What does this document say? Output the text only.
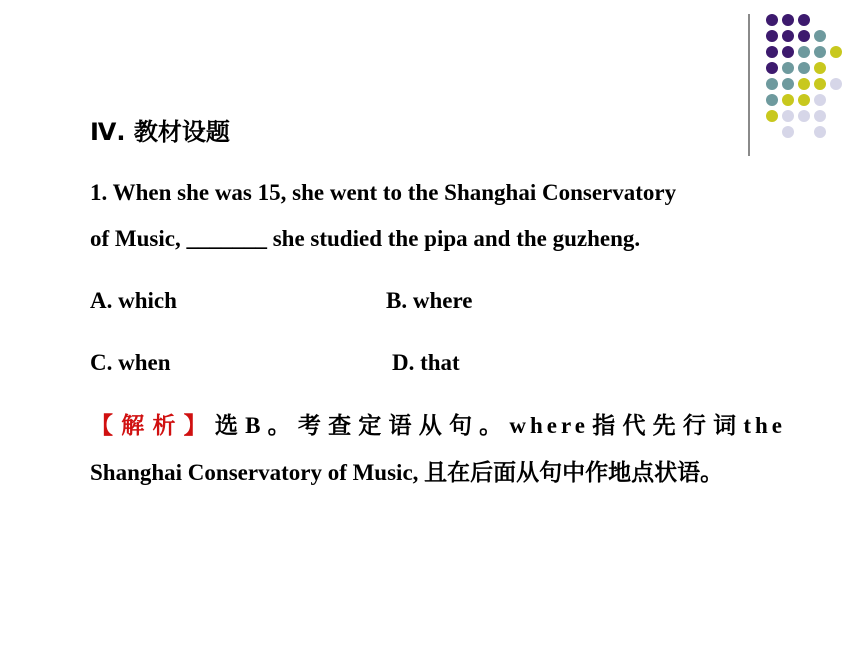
Ⅳ. 教材设题
1. When she was 15, she went to the Shanghai Conservatory
of Music, _______ she studied the pipa and the guzheng.
A. which	B. where
C. when	D. that
【解析】选B。考查定语从句。where指代先行词the Shanghai Conservatory of Music, 且在后面从句中作地点状语。
